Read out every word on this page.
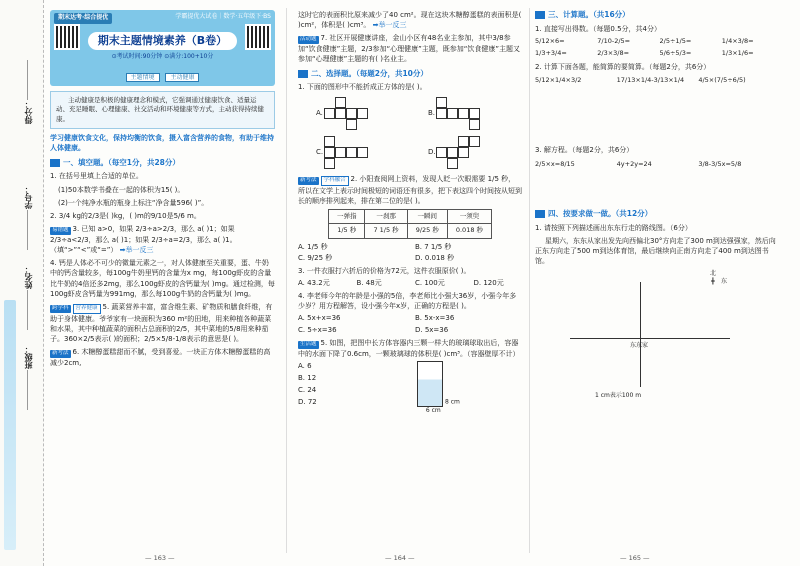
得分：
学号：
姓名：
班级：
期末达考·综合提优	学霸提优大试卷｜数学·五年级下·BS
期末主题情境素养（B卷）
⊙考试时间:90分钟 ⊙满分:100+10分
主题情境	主动健康
主动健康是积极的健康理念和模式，它强调通过健康饮食、适量运动、充足睡眠、心理健康、社交活动和环境健康等方式，主动获得持续健康。
学习健康饮食文化，保持均衡的饮食，摄入富含营养的食物，有助于维持人体健康。
一、填空题。（每空1分，共28分）
1. 在括号里填上合适的单位。
(1)50本数学书叠在一起的体积为15( )。
(2)一个纯净水瓶的瓶身上标注“净含量596( )”。
2. 3/4 kg的2/3是( )kg，( )m的9/10是5/6 m。
易错题 3. 已知 a>0，如果 2/3÷a>2/3，那么 a( )1；如果 2/3÷a<2/3，那么 a( )1；如果 2/3÷a=2/3，那么 a( )1。（填“>”“<”或“=”） ➡举一反三
4. 钙是人体必不可少的微量元素之一，对人体健康至关重要，蛋、牛奶中的钙含量较多，每100g牛奶里钙的含量为x mg，每100g虾皮的含量比牛奶的4倍还多2mg，那么100g虾皮的含钙量为( )mg。通过检测，每100g虾皮含钙量为991mg，那么每100g牛奶的含钙量为( )mg。
跨学科 营养健康 5. 蔬菜营养丰富，富含维生素、矿物质和膳食纤维，有助于身体健康。爷爷家有一块面积为360 m²的田地，用来种植各种蔬菜和水果，其中种植蔬菜的面积占总面积的2/5，其中菜地的5/8用来种茄子。360×2/5表示( )的面积；2/5×5/8-1/8表示的意思是( )。
新考法 6. 木糖醇蛋糕甜而不腻，受到喜爱。一块正方体木糖醇蛋糕的高减少2cm,
— 163 —
这时它的表面积比原来减少了40 cm²。现在这块木糖醇蛋糕的表面积是( )cm²，体积是( )cm³。 ➡举一反三
活动题 7. 社区开展健康讲座，金山小区有48名业主参加，其中3/8参加“饮食健康”主题，2/3参加“心理健康”主题，既参加“饮食健康”主题又参加“心理健康”主题的有( )名业主。
二、选择题。（每题2分，共10分）
1. 下面的图形中不能折成正方体的是( )。
A.	B.
C.	D.
新考法 学科融合 2. 小阳查阅网上资料，发现人眨一次眼需要 1/5 秒，所以在文学上表示时间极短的词语还有很多，把下表这四个时间按从短到长的顺序排列起来，排在第二位的是( )。
一弹指	一刹那	一瞬间	一须臾
1/5 秒	7 1/5 秒	9/25 秒	0.018 秒
A. 1/5 秒	B. 7 1/5 秒
C. 9/25 秒	D. 0.018 秒
3. 一件衣服打六折后的价格为72元，这件衣服原价( )。
A. 43.2元	B. 48元	C. 100元	D. 120元
4. 李老师今年的年龄是小强的5倍，李老师比小强大36岁，小强今年多少岁？用方程解答，设小强今年x岁，正确的方程是( )。
A. 5x+x=36	B. 5x-x=36
C. 5÷x=36	D. 5x=36
生活题 5. 如图，把图中长方体容器内三颗一样大的玻璃球取出后，容器中的水面下降了0.6cm，一颗玻璃球的体积是( )cm³。（容器壁厚不计）
A. 6
B. 12
C. 24
D. 72	8 cm
6 cm
— 164 —
三、计算题。（共16分）
1. 直接写出得数。（每题0.5分，共4分）
5/12×6=	7/10-2/5=	2/5÷1/5=	1/4×3/8=
1/3+3/4=	2/3×3/8=	5/6÷5/3=	1/3×1/6=
2. 计算下面各题，能简算的要简算。（每题2分，共6分）
5/12×1/4×3/2	17/13×1/4-3/13×1/4	4/5×(7/5÷6/5)
3. 解方程。（每题2分，共6分）
2/5×x=8/15	4y+2y=24	3/8-3/5x=5/8
四、按要求做一做。（共12分）
1. 请按照下列描述画出东东行走的路线图。（6分）
星期六，东东从家出发先向西偏北30°方向走了300 m到达强强家，然后向正东方向走了500 m到达体育馆，最后继续向正南方向走了400 m到达图书馆。
北
╋ 东
东东家
1 cm表示100 m
— 165 —
